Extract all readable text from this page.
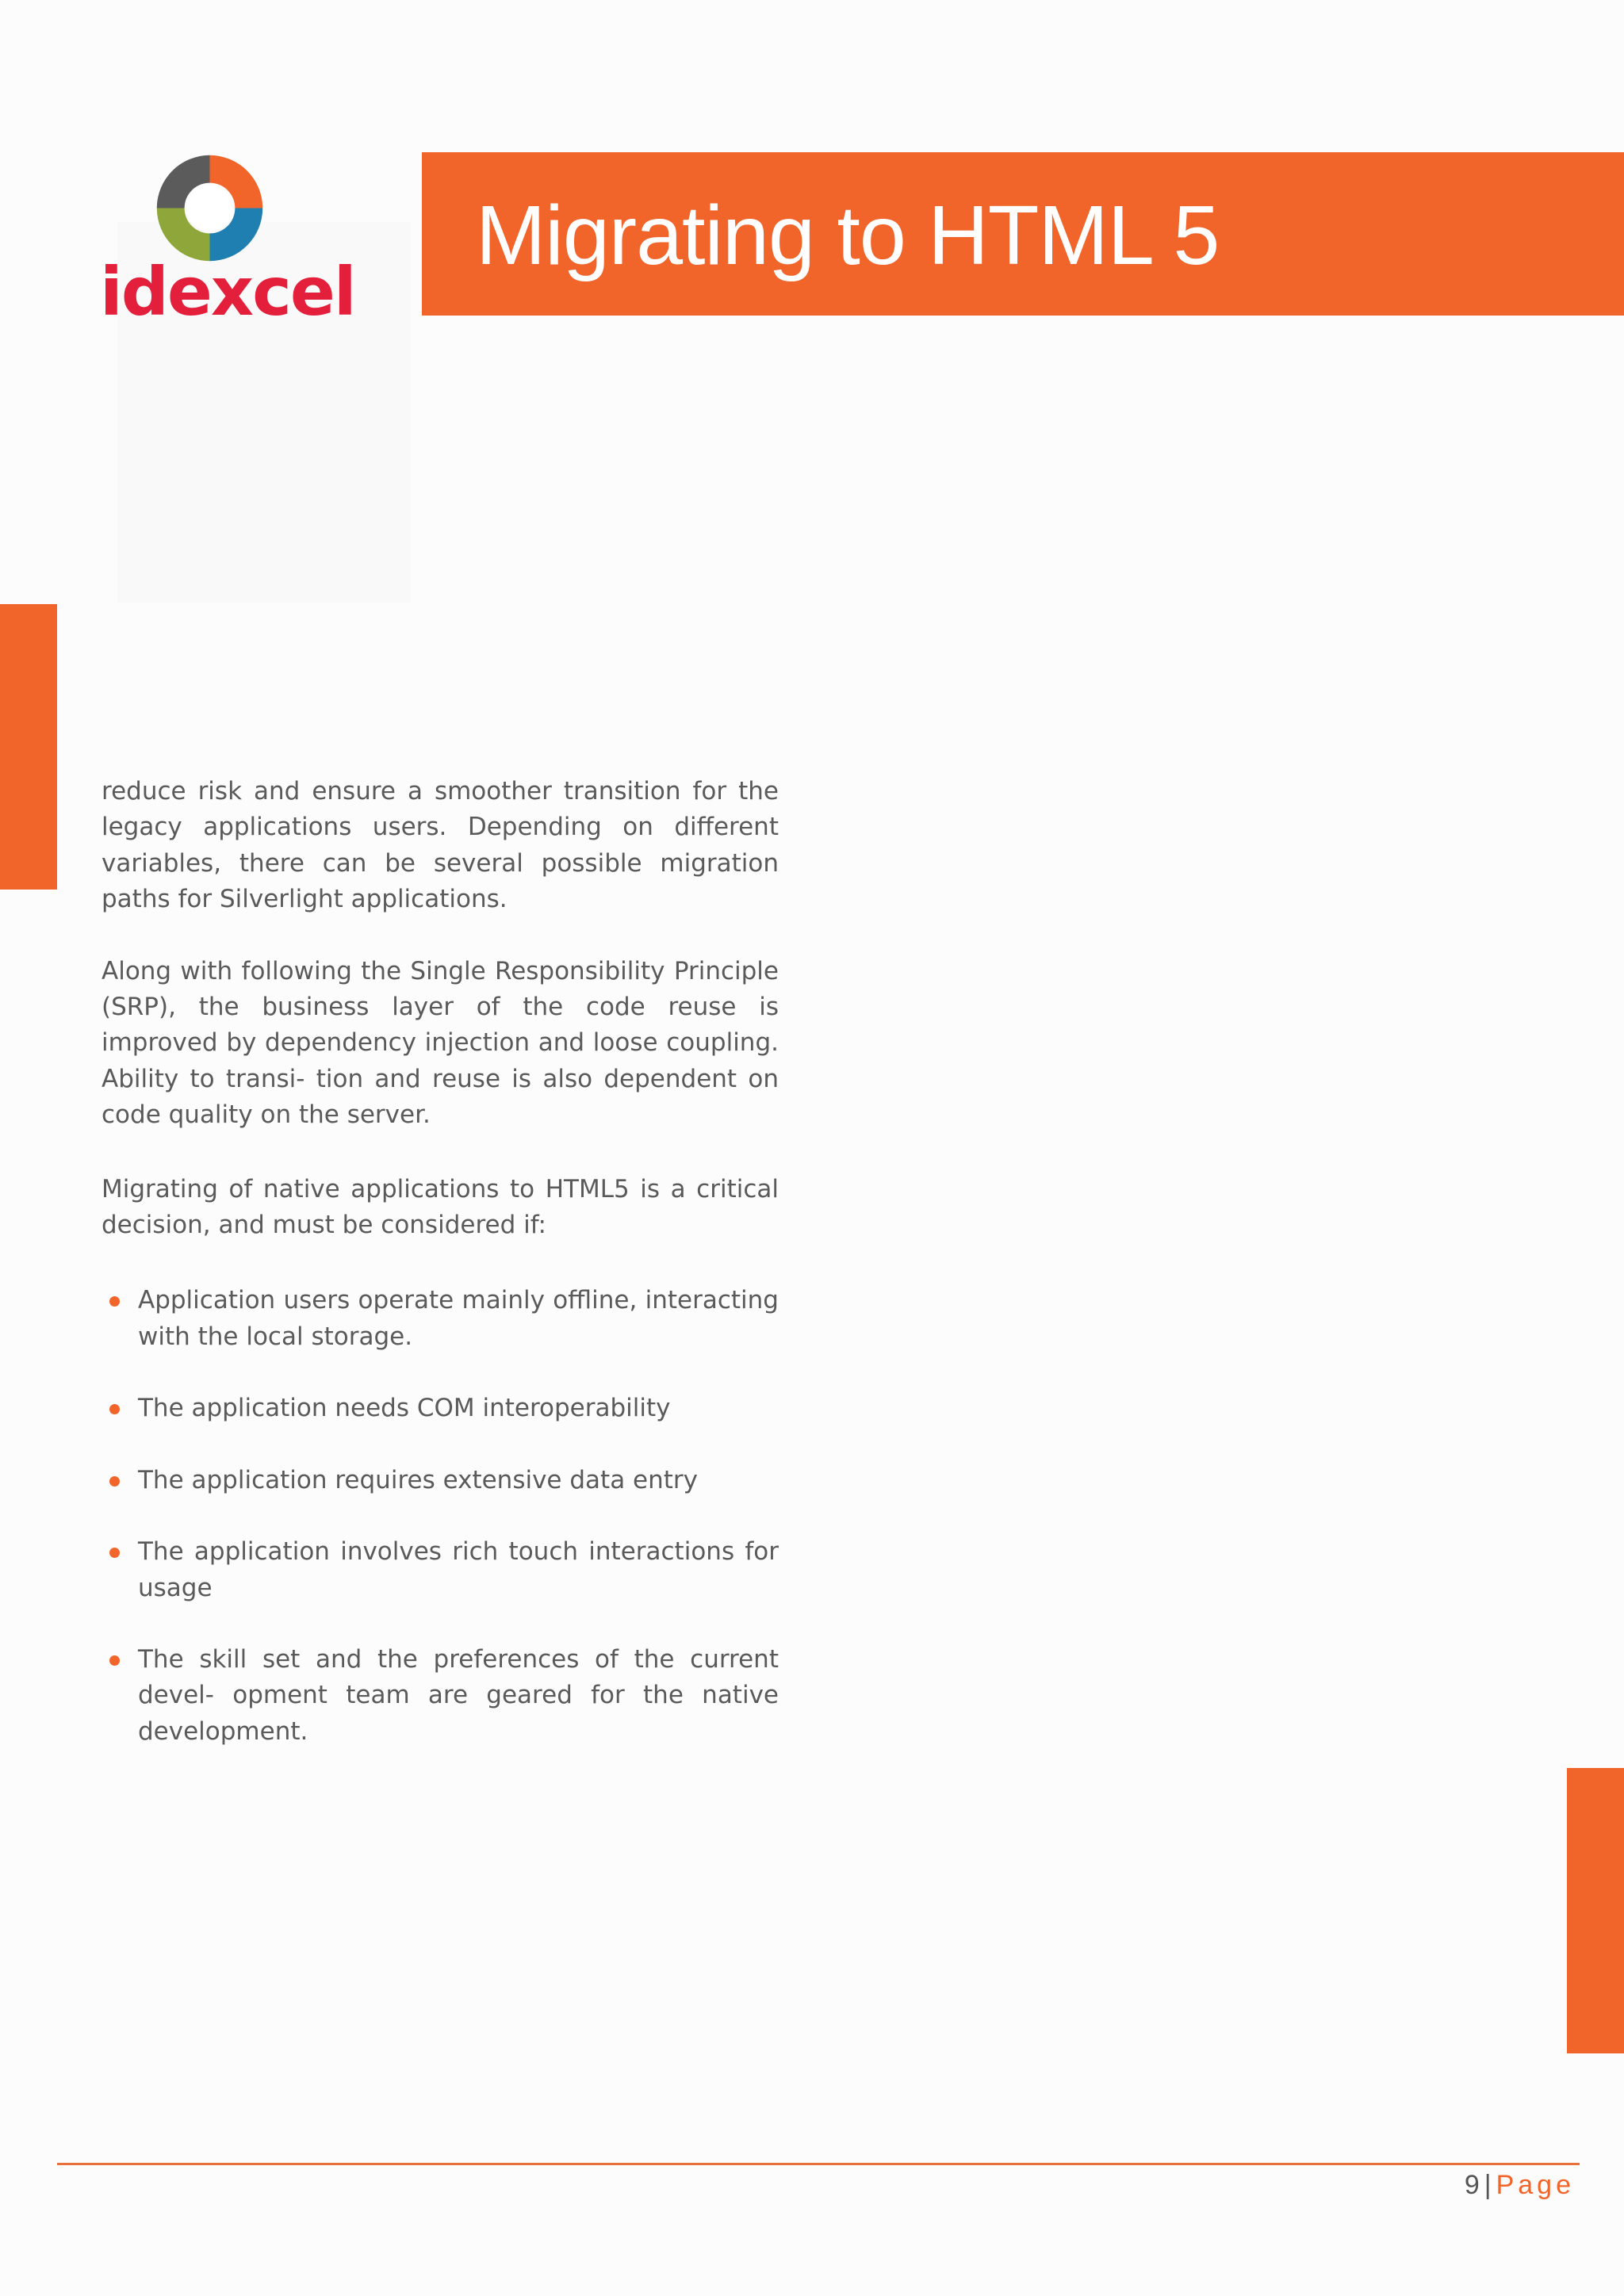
idexcel
Migrating to HTML 5

reduce risk and ensure a smoother transition for the legacy applications users. Depending on different variables, there can be several possible migration paths for Silverlight applications.

Along with following the Single Responsibility Principle (SRP), the business layer of the code reuse is improved by dependency injection and loose coupling. Ability to transi- tion and reuse is also dependent on code quality on the server.

Migrating of native applications to HTML5 is a critical decision, and must be considered if:

Application users operate mainly offline, interacting with the local storage.
The application needs COM interoperability
The application requires extensive data entry
The application involves rich touch interactions for usage
The skill set and the preferences of the current devel- opment team are geared for the native development.
9 | Page
